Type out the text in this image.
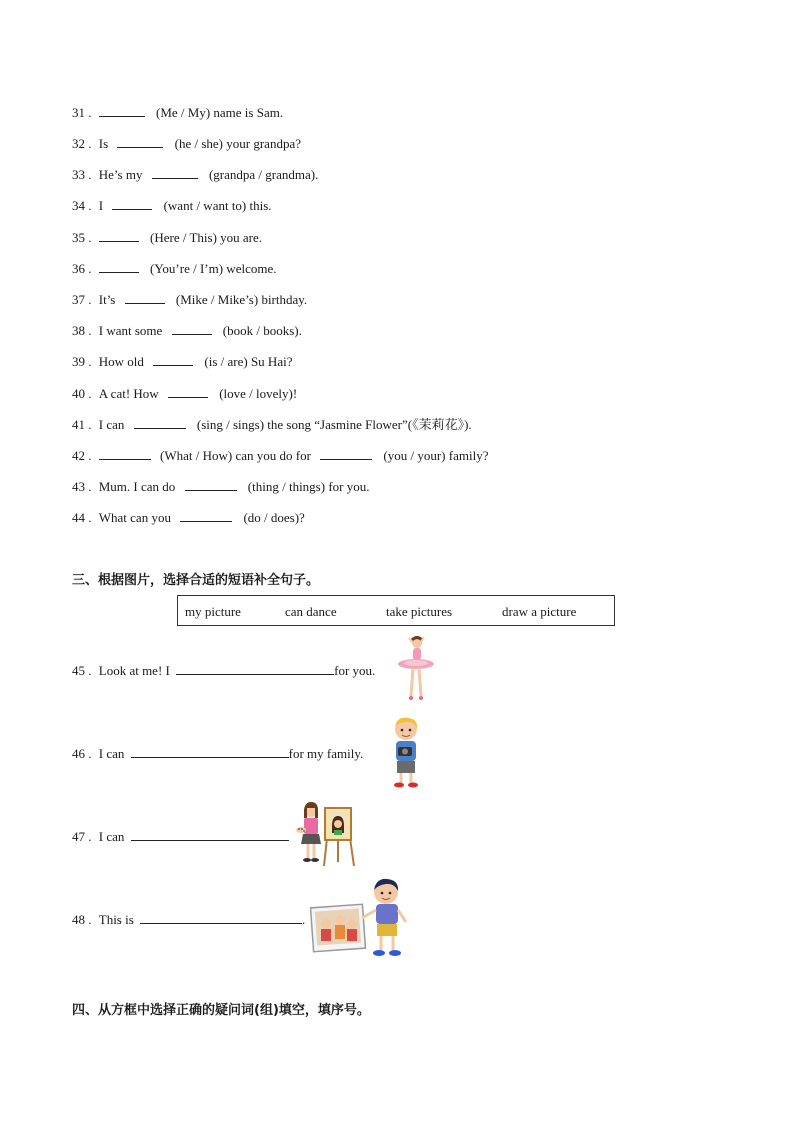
31 .	(Me / My) name is Sam.
32 . Is	(he / she) your grandpa?
33 . He’s my	(grandpa / grandma).
34 . I	(want / want to) this.
35 .	(Here / This) you are.
36 .	(You’re / I’m) welcome.
37 . It’s	(Mike / Mike’s) birthday.
38 . I want some	(book / books).
39 . How old	(is / are) Su Hai?
40 . A cat! How	(love / lovely)!
41 . I can	(sing / sings) the song “Jasmine Flower”(《茉莉花》).
42 .	(What / How) can you do for	(you / your) family?
43 . Mum. I can do	(thing / things) for you.
44 . What can you	(do / does)?
三、根据图片，选择合适的短语补全句子。
my picture	can dance	take pictures	draw a picture
45 . Look at me! I	for you.
46 . I can	for my family.
47 . I can
48 . This is	.
四、从方框中选择正确的疑问词(组)填空，填序号。
